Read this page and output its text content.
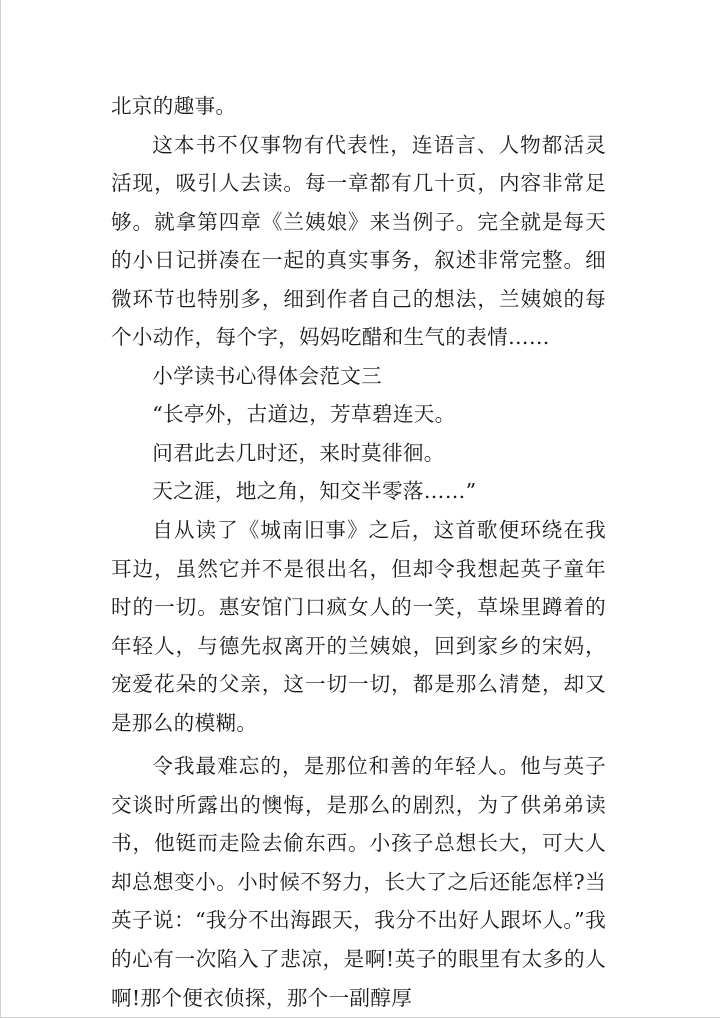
北京的趣事。

这本书不仅事物有代表性，连语言、人物都活灵活现，吸引人去读。每一章都有几十页，内容非常足够。就拿第四章《兰姨娘》来当例子。完全就是每天的小日记拼凑在一起的真实事务，叙述非常完整。细微环节也特别多，细到作者自己的想法，兰姨娘的每个小动作，每个字，妈妈吃醋和生气的表情……

小学读书心得体会范文三

“长亭外，古道边，芳草碧连天。

问君此去几时还，来时莫徘徊。

天之涯，地之角，知交半零落……”

自从读了《城南旧事》之后，这首歌便环绕在我耳边，虽然它并不是很出名，但却令我想起英子童年时的一切。惠安馆门口疯女人的一笑，草垛里蹲着的年轻人，与德先叔离开的兰姨娘，回到家乡的宋妈，宠爱花朵的父亲，这一切一切，都是那么清楚，却又是那么的模糊。

令我最难忘的，是那位和善的年轻人。他与英子交谈时所露出的懊悔，是那么的剧烈，为了供弟弟读书，他铤而走险去偷东西。小孩子总想长大，可大人却总想变小。小时候不努力，长大了之后还能怎样?当英子说：“我分不出海跟天，我分不出好人跟坏人。”我的心有一次陷入了悲凉，是啊!英子的眼里有太多的人啊!那个便衣侦探，那个一副醇厚
